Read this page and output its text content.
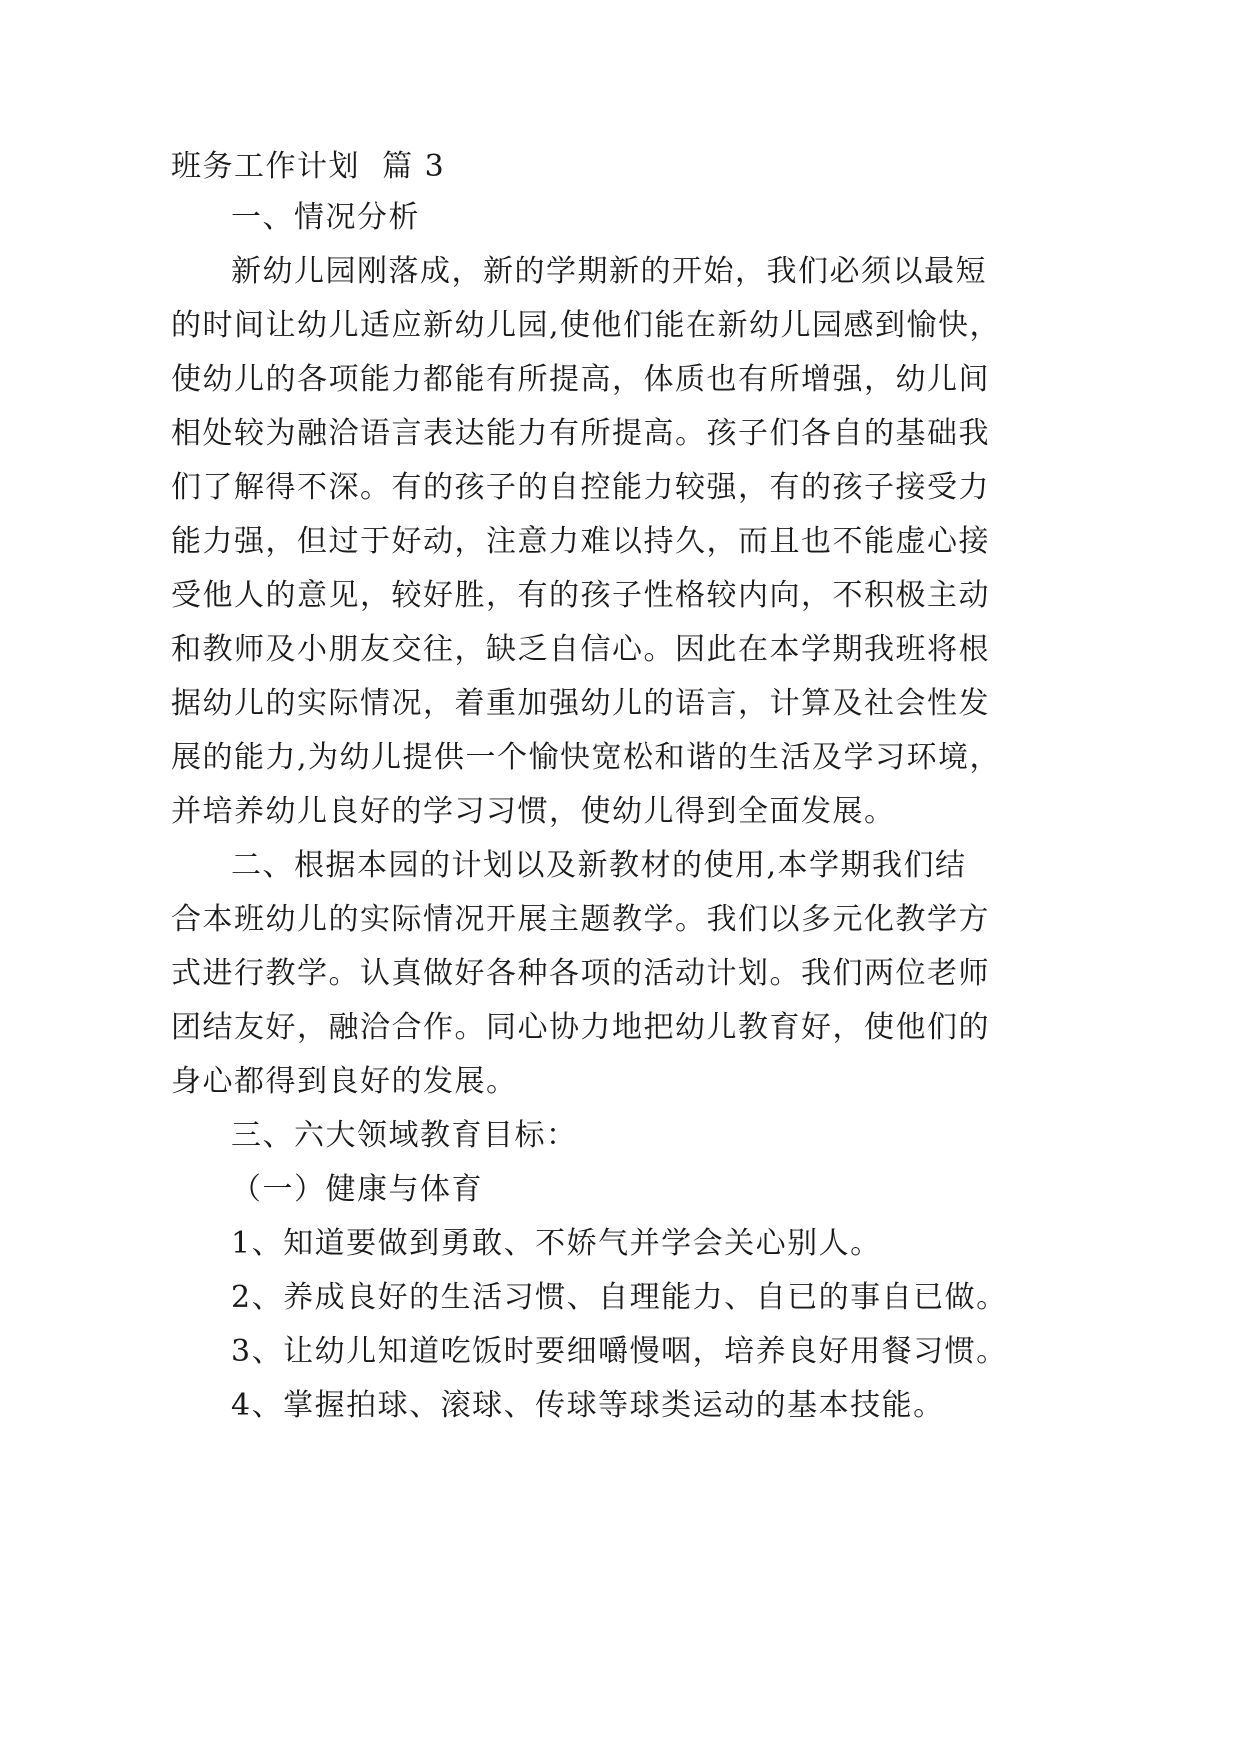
班务工作计划  篇 3

一、情况分析

新幼儿园刚落成，新的学期新的开始，我们必须以最短

的时间让幼儿适应新幼儿园,使他们能在新幼儿园感到愉快，

使幼儿的各项能力都能有所提高，体质也有所增强，幼儿间

相处较为融洽语言表达能力有所提高。孩子们各自的基础我

们了解得不深。有的孩子的自控能力较强，有的孩子接受力

能力强，但过于好动，注意力难以持久，而且也不能虚心接

受他人的意见，较好胜，有的孩子性格较内向，不积极主动

和教师及小朋友交往，缺乏自信心。因此在本学期我班将根

据幼儿的实际情况，着重加强幼儿的语言，计算及社会性发

展的能力,为幼儿提供一个愉快宽松和谐的生活及学习环境，

并培养幼儿良好的学习习惯，使幼儿得到全面发展。

二、根据本园的计划以及新教材的使用,本学期我们结

合本班幼儿的实际情况开展主题教学。我们以多元化教学方

式进行教学。认真做好各种各项的活动计划。我们两位老师

团结友好，融洽合作。同心协力地把幼儿教育好，使他们的

身心都得到良好的发展。

三、六大领域教育目标：

（一）健康与体育

1、知道要做到勇敢、不娇气并学会关心别人。

2、养成良好的生活习惯、自理能力、自已的事自已做。

3、让幼儿知道吃饭时要细嚼慢咽，培养良好用餐习惯。

4、掌握拍球、滚球、传球等球类运动的基本技能。
